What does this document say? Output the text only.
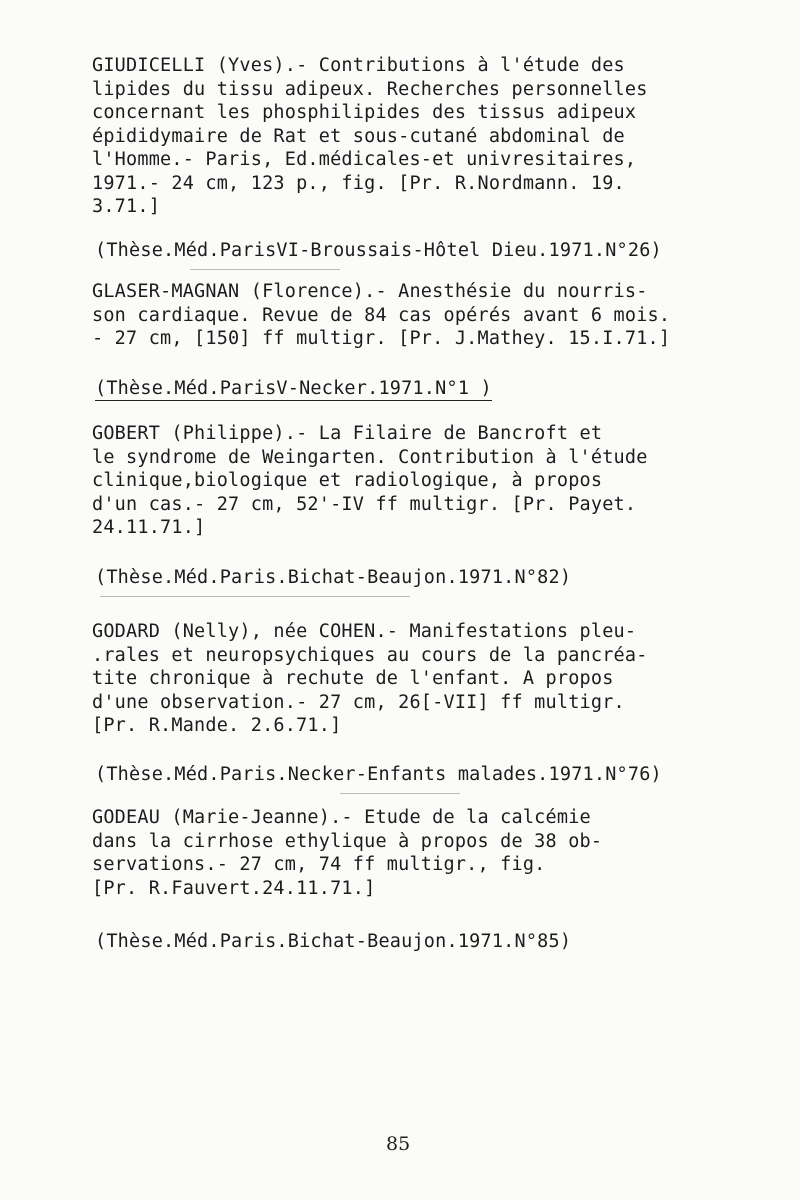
GIUDICELLI (Yves).- Contributions à l'étude des
lipides du tissu adipeux. Recherches personnelles
concernant les phosphilipides des tissus adipeux
épididymaire de Rat et sous-cutané abdominal de
l'Homme.- Paris, Ed.médicales-et univresitaires,
1971.- 24 cm, 123 p., fig. [Pr. R.Nordmann. 19.
3.71.]
(Thèse.Méd.ParisVI-Broussais-Hôtel Dieu.1971.N°26)
GLASER-MAGNAN (Florence).- Anesthésie du nourris-
son cardiaque. Revue de 84 cas opérés avant 6 mois.
- 27 cm, [150] ff multigr. [Pr. J.Mathey. 15.I.71.]
(Thèse.Méd.ParisV-Necker.1971.N°1 )
GOBERT (Philippe).- La Filaire de Bancroft et
le syndrome de Weingarten. Contribution à l'étude
clinique,biologique et radiologique, à propos
d'un cas.- 27 cm, 52'-IV ff multigr. [Pr. Payet.
24.11.71.]
(Thèse.Méd.Paris.Bichat-Beaujon.1971.N°82)
GODARD (Nelly), née COHEN.- Manifestations pleu-
.rales et neuropsychiques au cours de la pancréa-
tite chronique à rechute de l'enfant. A propos
d'une observation.- 27 cm, 26[-VII] ff multigr.
[Pr. R.Mande. 2.6.71.]
(Thèse.Méd.Paris.Necker-Enfants malades.1971.N°76)
GODEAU (Marie-Jeanne).- Etude de la calcémie
dans la cirrhose ethylique à propos de 38 ob-
servations.- 27 cm, 74 ff multigr., fig.
[Pr. R.Fauvert.24.11.71.]
(Thèse.Méd.Paris.Bichat-Beaujon.1971.N°85)
85
